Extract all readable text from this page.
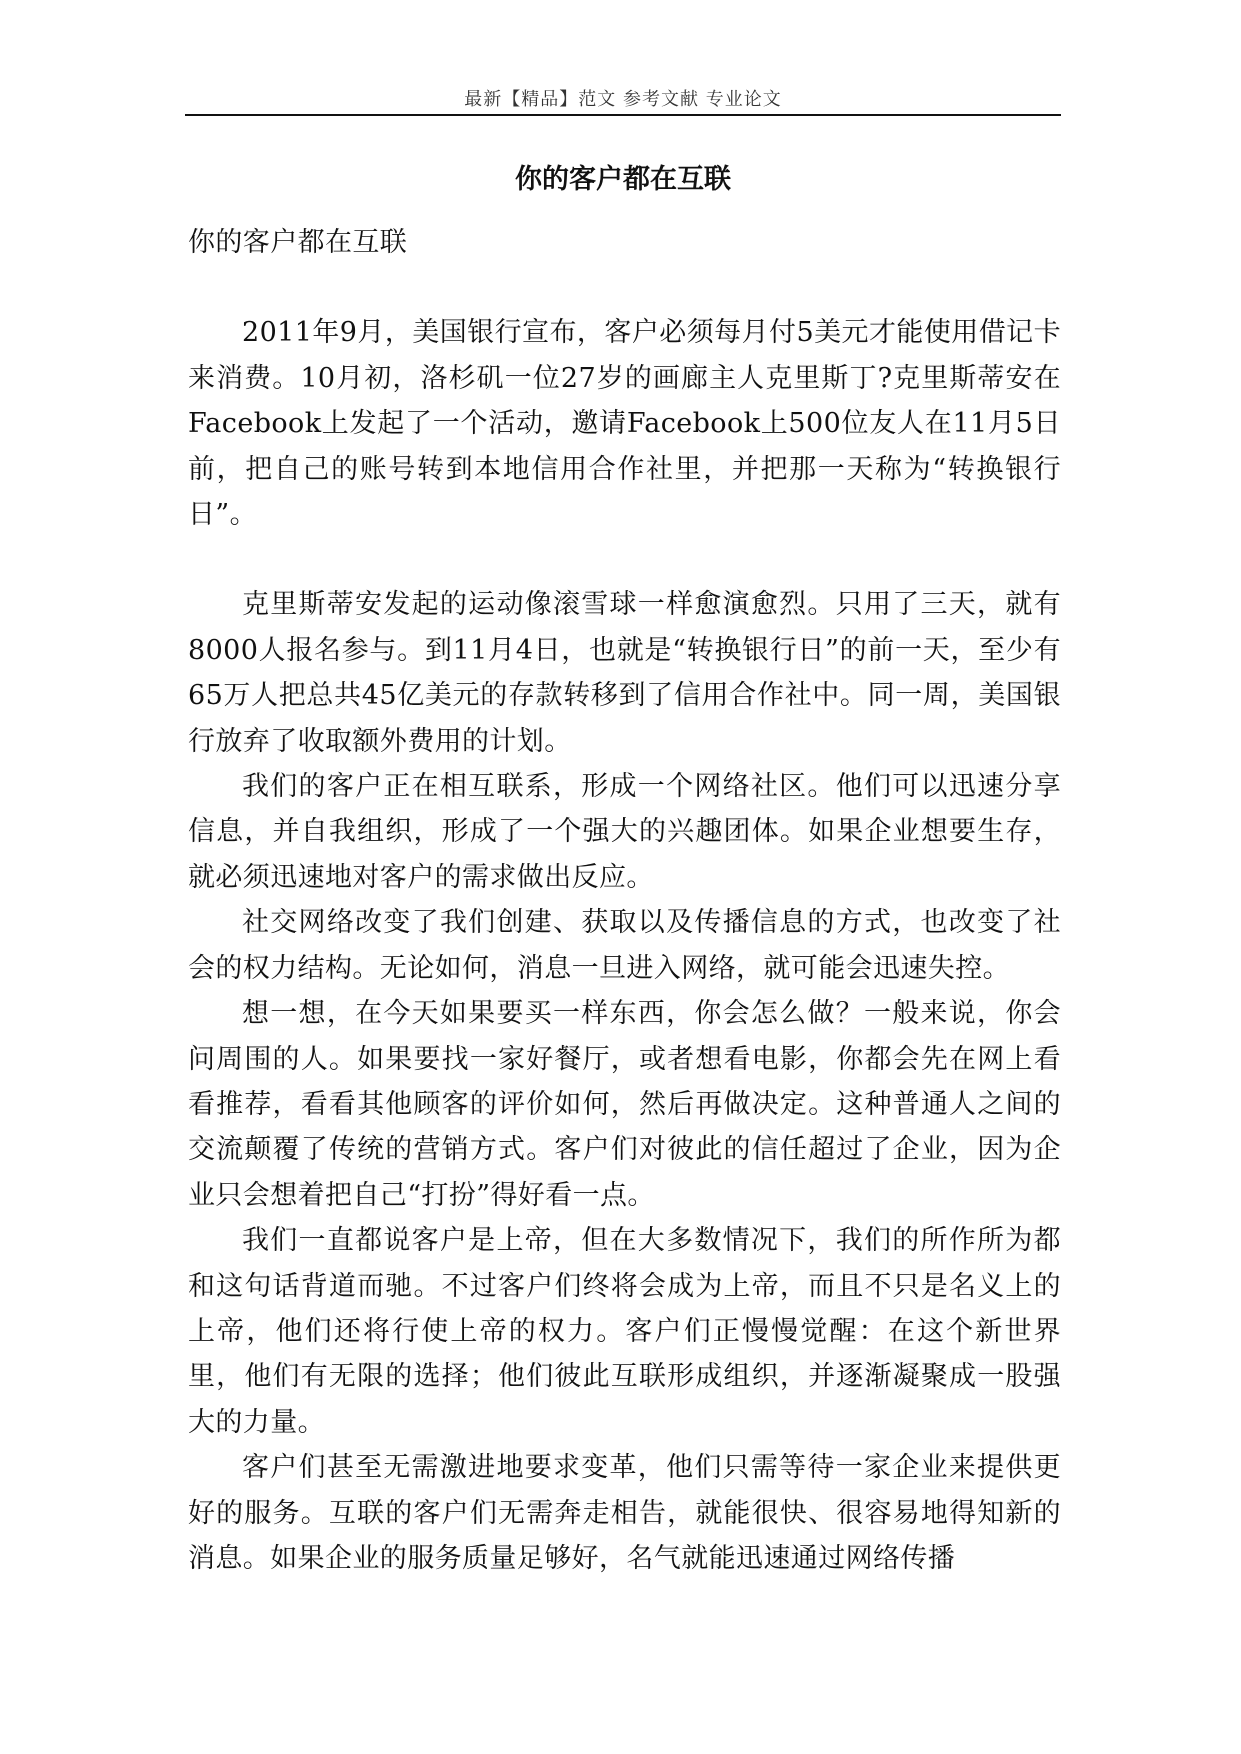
最新【精品】范文 参考文献 专业论文
你的客户都在互联

你的客户都在互联

2011年9月，美国银行宣布，客户必须每月付5美元才能使用借记卡来消费。10月初，洛杉矶一位27岁的画廊主人克里斯丁?克里斯蒂安在Facebook上发起了一个活动，邀请Facebook上500位友人在11月5日前，把自己的账号转到本地信用合作社里，并把那一天称为“转换银行日”。

克里斯蒂安发起的运动像滚雪球一样愈演愈烈。只用了三天，就有8000人报名参与。到11月4日，也就是“转换银行日”的前一天，至少有65万人把总共45亿美元的存款转移到了信用合作社中。同一周，美国银行放弃了收取额外费用的计划。

我们的客户正在相互联系，形成一个网络社区。他们可以迅速分享信息，并自我组织，形成了一个强大的兴趣团体。如果企业想要生存，就必须迅速地对客户的需求做出反应。

社交网络改变了我们创建、获取以及传播信息的方式，也改变了社会的权力结构。无论如何，消息一旦进入网络，就可能会迅速失控。

想一想，在今天如果要买一样东西，你会怎么做？一般来说，你会问周围的人。如果要找一家好餐厅，或者想看电影，你都会先在网上看看推荐，看看其他顾客的评价如何，然后再做决定。这种普通人之间的交流颠覆了传统的营销方式。客户们对彼此的信任超过了企业，因为企业只会想着把自己“打扮”得好看一点。

我们一直都说客户是上帝，但在大多数情况下，我们的所作所为都和这句话背道而驰。不过客户们终将会成为上帝，而且不只是名义上的上帝，他们还将行使上帝的权力。客户们正慢慢觉醒：在这个新世界里，他们有无限的选择；他们彼此互联形成组织，并逐渐凝聚成一股强大的力量。

客户们甚至无需激进地要求变革，他们只需等待一家企业来提供更好的服务。互联的客户们无需奔走相告，就能很快、很容易地得知新的消息。如果企业的服务质量足够好，名气就能迅速通过网络传播
